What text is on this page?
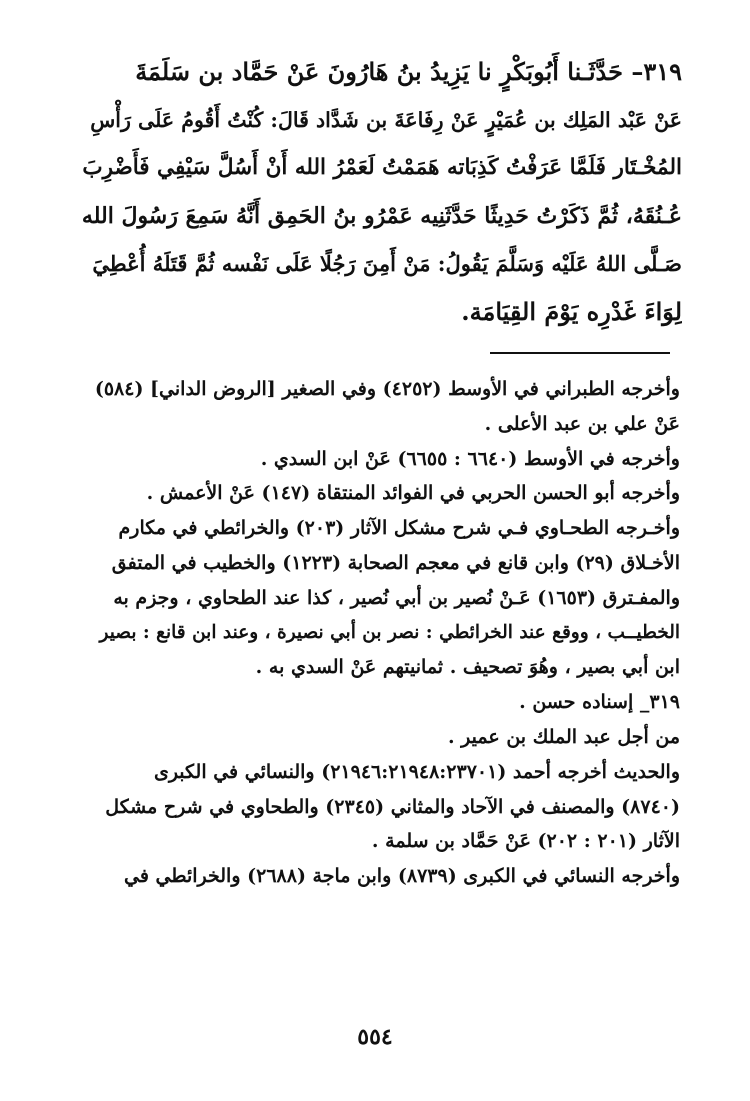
٣١٩– حَدَّثَـنا أَبُوبَكْرٍ نا يَزِيدُ بنُ هَارُونَ عَنْ حَمَّاد بن سَلَمَةَ
عَنْ عَبْد المَلِك بن عُمَيْرٍ عَنْ رِفَاعَةَ بن شَدَّاد قَالَ: كُنْتُ أَقُومُ عَلَى رَأْسِ
المُخْـتَار فَلَمَّا عَرَفْتُ كَذِبَاته هَمَمْتُ لَعَمْرُ الله أَنْ أَسُلَّ سَيْفِي فَأَضْرِبَ
عُـنُقَهُ، ثُمَّ ذَكَرْتُ حَدِيثًا حَدَّثَنِيه عَمْرُو بنُ الحَمِق أَنَّهُ سَمِعَ رَسُولَ الله
صَـلَّى اللهُ عَلَيْه وَسَلَّمَ يَقُولُ: مَنْ أَمِنَ رَجُلًا عَلَى نَفْسه ثُمَّ قَتَلَهُ أُعْطِيَ
لِوَاءَ غَدْرِه يَوْمَ القِيَامَة.
وأخرجه الطبراني في الأوسط (٤٢٥٢) وفي الصغير [الروض الداني] (٥٨٤)
عَنْ علي بن عبد الأعلى .
وأخرجه في الأوسط (٦٦٤٠ : ٦٦٥٥) عَنْ ابن السدي .
وأخرجه أبو الحسن الحربي في الفوائد المنتقاة (١٤٧) عَنْ الأعمش .
وأخـرجه الطحـاوي فـي شرح مشكل الآثار (٢٠٣) والخرائطي في مكارم
الأخـلاق (٢٩) وابن قانع في معجم الصحابة (١٢٢٣) والخطيب في المتفق
والمفـترق (١٦٥٣) عَـنْ نُصير بن أبي نُصير ، كذا عند الطحاوي ، وجزم به
الخطيــب ، ووقع عند الخرائطي : نصر بن أبي نصيرة ، وعند ابن قانع : بصير
ابن أبي بصير ، وهُوَ تصحيف . ثمانيتهم عَنْ السدي به .
٣١٩_ إسناده حسن .
من أجل عبد الملك بن عمير .
والحديث أخرجه أحمد (٢١٩٤٦:٢١٩٤٨:٢٣٧٠١) والنسائي في الكبرى
(٨٧٤٠) والمصنف في الآحاد والمثاني (٢٣٤٥) والطحاوي في شرح مشكل
الآثار (٢٠١ : ٢٠٢) عَنْ حَمَّاد بن سلمة .
وأخرجه النسائي في الكبرى (٨٧٣٩) وابن ماجة (٢٦٨٨) والخرائطي في
٥٥٤
